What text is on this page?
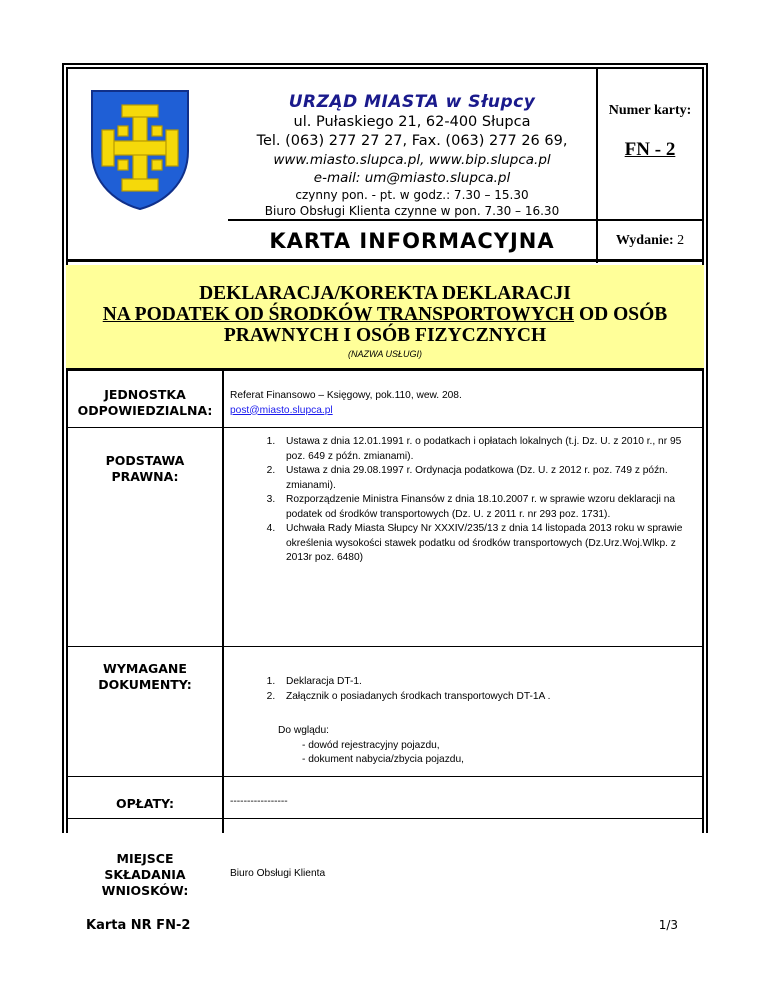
URZĄD MIASTA w Słupcy
ul. Pułaskiego 21, 62-400 Słupca
Tel. (063) 277 27 27, Fax. (063) 277 26 69,
www.miasto.slupca.pl, www.bip.slupca.pl
e-mail: um@miasto.slupca.pl
czynny pon. - pt. w godz.: 7.30 – 15.30
Biuro Obsługi Klienta czynne w pon. 7.30 – 16.30
KARTA INFORMACYJNA
Numer karty:
FN - 2
Wydanie: 2
DEKLARACJA/KOREKTA DEKLARACJI
NA PODATEK OD ŚRODKÓW TRANSPORTOWYCH OD OSÓB
PRAWNYCH I OSÓB FIZYCZNYCH
(NAZWA USŁUGI)
JEDNOSTKA
ODPOWIEDZIALNA:
Referat Finansowo – Księgowy, pok.110, wew. 208.
post@miasto.slupca.pl
PODSTAWA
PRAWNA:
1. Ustawa z dnia 12.01.1991 r. o podatkach i opłatach lokalnych (t.j. Dz. U. z 2010 r., nr 95 poz. 649 z późn. zmianami).
2. Ustawa z dnia 29.08.1997 r. Ordynacja podatkowa (Dz. U. z 2012 r. poz. 749 z późn. zmianami).
3. Rozporządzenie Ministra Finansów z dnia 18.10.2007 r. w sprawie wzoru deklaracji na podatek od środków transportowych (Dz. U. z 2011 r. nr 293 poz. 1731).
4. Uchwała Rady Miasta Słupcy Nr XXXIV/235/13 z dnia 14 listopada 2013 roku w sprawie określenia wysokości stawek podatku od środków transportowych (Dz.Urz.Woj.Wlkp. z 2013r poz. 6480)
WYMAGANE
DOKUMENTY:
1.	Deklaracja DT-1.
2. Załącznik o posiadanych środkach transportowych DT-1A .
Do wglądu:
- dowód rejestracyjny pojazdu,
- dokument nabycia/zbycia pojazdu,
OPŁATY:	-----------------
MIEJSCE
SKŁADANIA
WNIOSKÓW:
Biuro Obsługi Klienta
Karta NR FN-2	1/3
